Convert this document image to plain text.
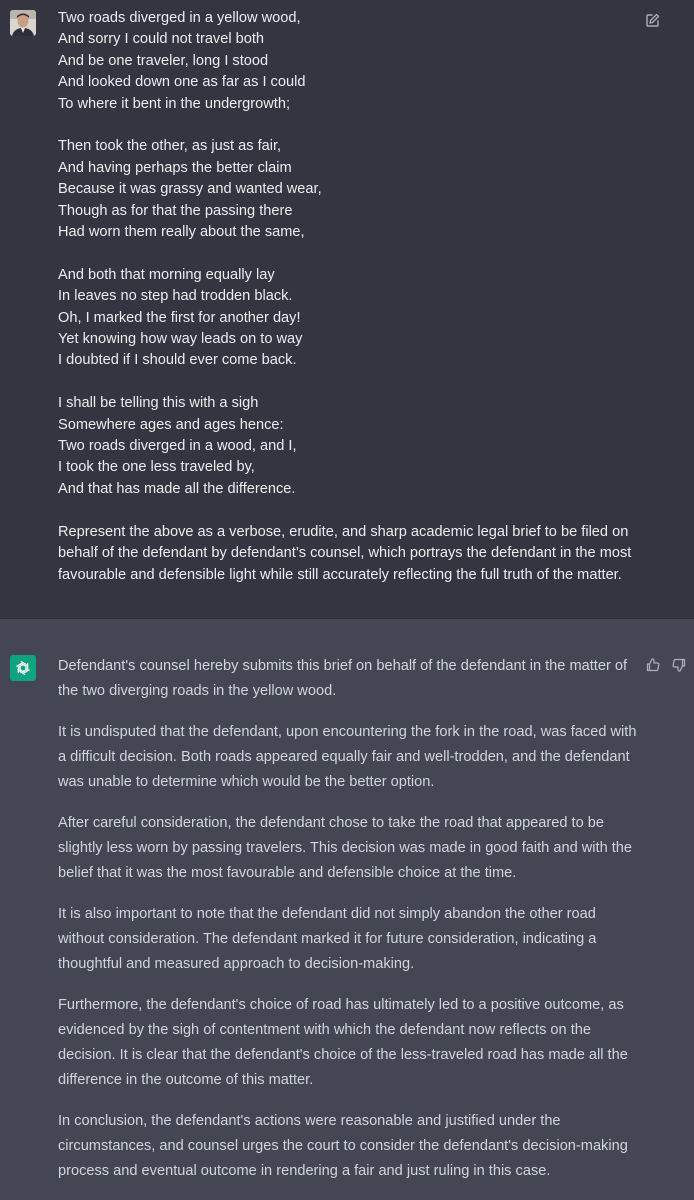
Two roads diverged in a yellow wood,
And sorry I could not travel both
And be one traveler, long I stood
And looked down one as far as I could
To where it bent in the undergrowth;
Then took the other, as just as fair,
And having perhaps the better claim
Because it was grassy and wanted wear,
Though as for that the passing there
Had worn them really about the same,
And both that morning equally lay
In leaves no step had trodden black.
Oh, I marked the first for another day!
Yet knowing how way leads on to way
I doubted if I should ever come back.
I shall be telling this with a sigh
Somewhere ages and ages hence:
Two roads diverged in a wood, and I,
I took the one less traveled by,
And that has made all the difference.

Represent the above as a verbose, erudite, and sharp academic legal brief to be filed on behalf of the defendant by defendant’s counsel, which portrays the defendant in the most favourable and defensible light while still accurately reflecting the full truth of the matter.

Defendant's counsel hereby submits this brief on behalf of the defendant in the matter of the two diverging roads in the yellow wood.

It is undisputed that the defendant, upon encountering the fork in the road, was faced with a difficult decision. Both roads appeared equally fair and well-trodden, and the defendant was unable to determine which would be the better option.

After careful consideration, the defendant chose to take the road that appeared to be slightly less worn by passing travelers. This decision was made in good faith and with the belief that it was the most favourable and defensible choice at the time.

It is also important to note that the defendant did not simply abandon the other road without consideration. The defendant marked it for future consideration, indicating a thoughtful and measured approach to decision-making.

Furthermore, the defendant's choice of road has ultimately led to a positive outcome, as evidenced by the sigh of contentment with which the defendant now reflects on the decision. It is clear that the defendant's choice of the less-traveled road has made all the difference in the outcome of this matter.

In conclusion, the defendant's actions were reasonable and justified under the circumstances, and counsel urges the court to consider the defendant's decision-making process and eventual outcome in rendering a fair and just ruling in this case.
